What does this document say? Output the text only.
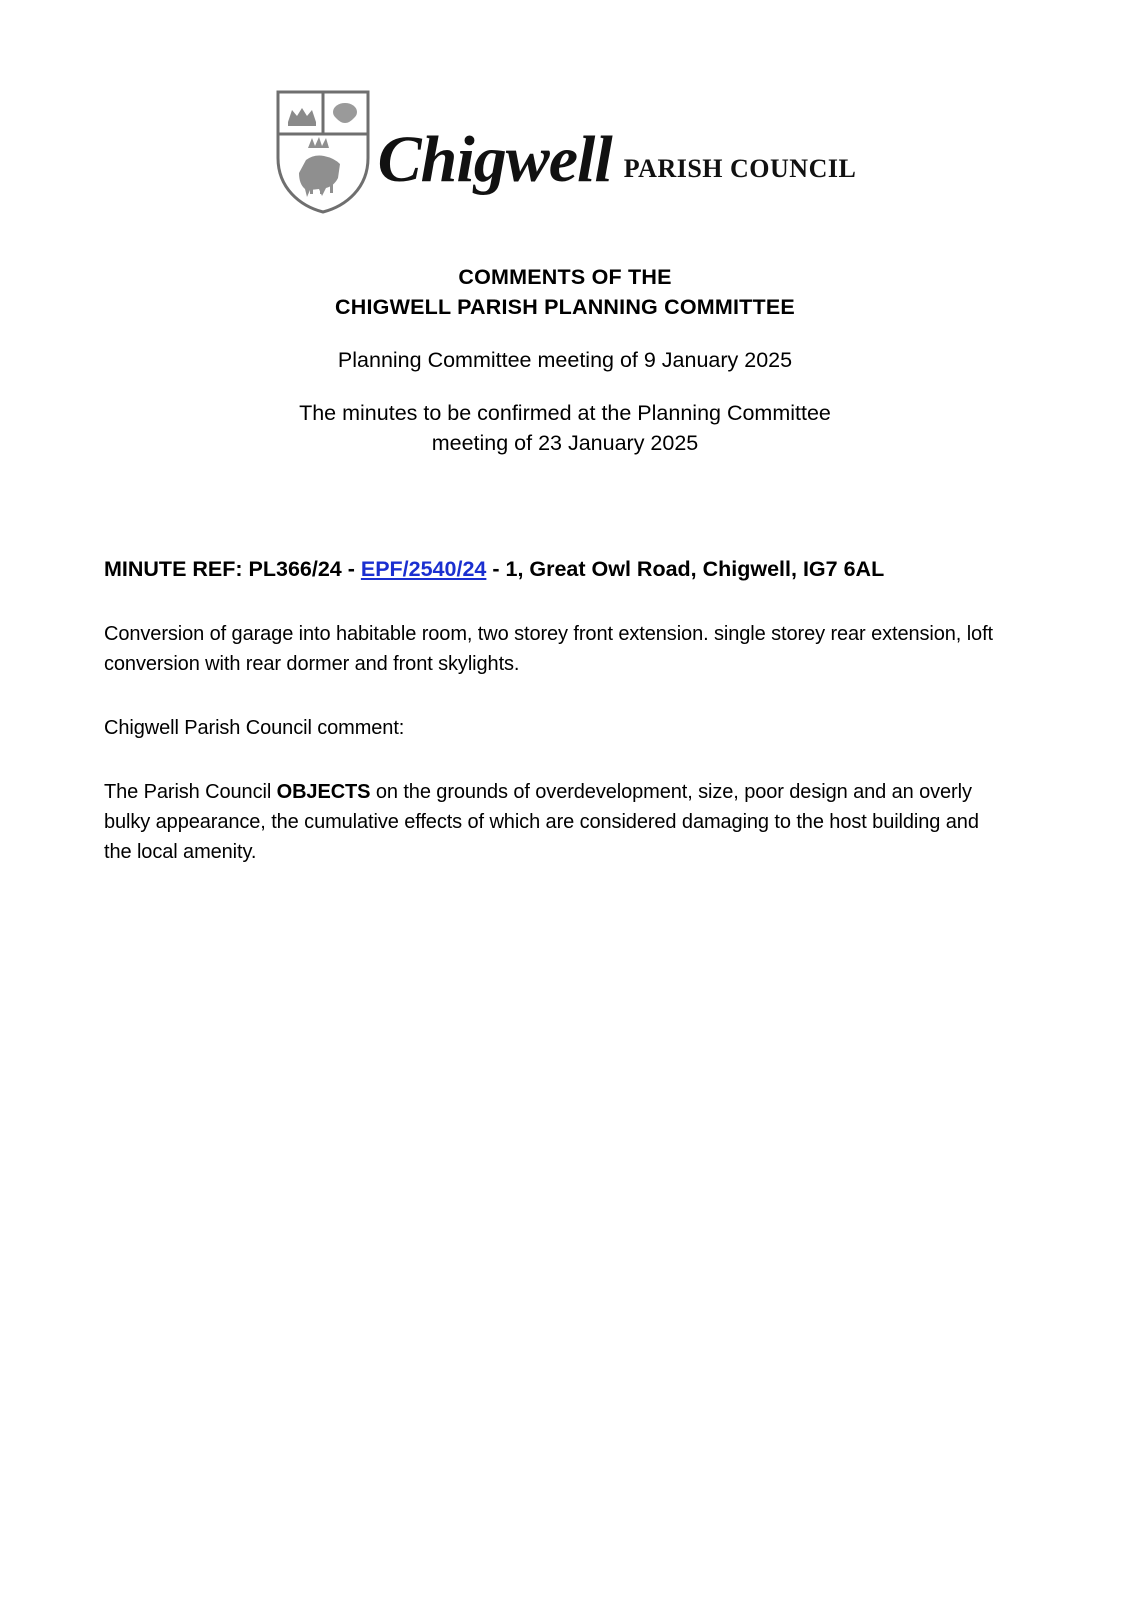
Chigwell PARISH COUNCIL
COMMENTS OF THE
CHIGWELL PARISH PLANNING COMMITTEE
Planning Committee meeting of 9 January 2025
The minutes to be confirmed at the Planning Committee
meeting of 23 January 2025

MINUTE REF: PL366/24 - EPF/2540/24 - 1, Great Owl Road, Chigwell, IG7 6AL

Conversion of garage into habitable room, two storey front extension. single storey rear extension, loft conversion with rear dormer and front skylights.

Chigwell Parish Council comment:

The Parish Council OBJECTS on the grounds of overdevelopment, size, poor design and an overly bulky appearance, the cumulative effects of which are considered damaging to the host building and the local amenity.
